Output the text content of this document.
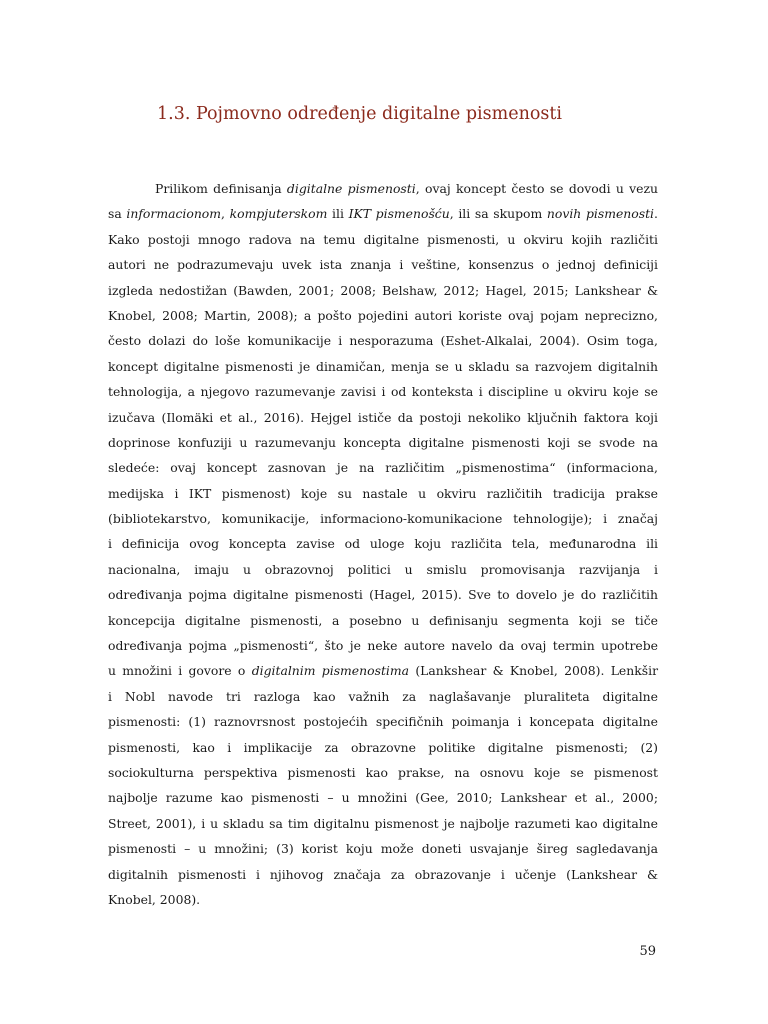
1.3. Pojmovno određenje digitalne pismenosti
Prilikom definisanja digitalne pismenosti, ovaj koncept često se dovodi u vezu
sa informacionom, kompjuterskom ili IKT pismenošću, ili sa skupom novih pismenosti.
Kako postoji mnogo radova na temu digitalne pismenosti, u okviru kojih različiti
autori ne podrazumevaju uvek ista znanja i veštine, konsenzus o jednoj definiciji
izgleda nedostižan (Bawden, 2001; 2008; Belshaw, 2012; Hagel, 2015; Lankshear &
Knobel, 2008; Martin, 2008); a pošto pojedini autori koriste ovaj pojam neprecizno,
često dolazi do loše komunikacije i nesporazuma (Eshet-Alkalai, 2004). Osim toga,
koncept digitalne pismenosti je dinamičan, menja se u skladu sa razvojem digitalnih
tehnologija, a njegovo razumevanje zavisi i od konteksta i discipline u okviru koje se
izučava (Ilomäki et al., 2016). Hejgel ističe da postoji nekoliko ključnih faktora koji
doprinose konfuziji u razumevanju koncepta digitalne pismenosti koji se svode na
sledeće: ovaj koncept zasnovan je na različitim „pismenostima“ (informaciona,
medijska i IKT pismenost) koje su nastale u okviru različitih tradicija prakse
(bibliotekarstvo, komunikacije, informaciono-komunikacione tehnologije); i značaj
i definicija ovog koncepta zavise od uloge koju različita tela, međunarodna ili
nacionalna, imaju u obrazovnoj politici u smislu promovisanja razvijanja i
određivanja pojma digitalne pismenosti (Hagel, 2015). Sve to dovelo je do različitih
koncepcija digitalne pismenosti, a posebno u definisanju segmenta koji se tiče
određivanja pojma „pismenosti“, što je neke autore navelo da ovaj termin upotrebe
u množini i govore o digitalnim pismenostima (Lankshear & Knobel, 2008). Lenkšir
i Nobl navode tri razloga kao važnih za naglašavanje pluraliteta digitalne
pismenosti: (1) raznovrsnost postojećih specifičnih poimanja i koncepata digitalne
pismenosti, kao i implikacije za obrazovne politike digitalne pismenosti; (2)
sociokulturna perspektiva pismenosti kao prakse, na osnovu koje se pismenost
najbolje razume kao pismenosti – u množini (Gee, 2010; Lankshear et al., 2000;
Street, 2001), i u skladu sa tim digitalnu pismenost je najbolje razumeti kao digitalne
pismenosti – u množini; (3) korist koju može doneti usvajanje šireg sagledavanja
digitalnih pismenosti i njihovog značaja za obrazovanje i učenje (Lankshear &
Knobel, 2008).
59
